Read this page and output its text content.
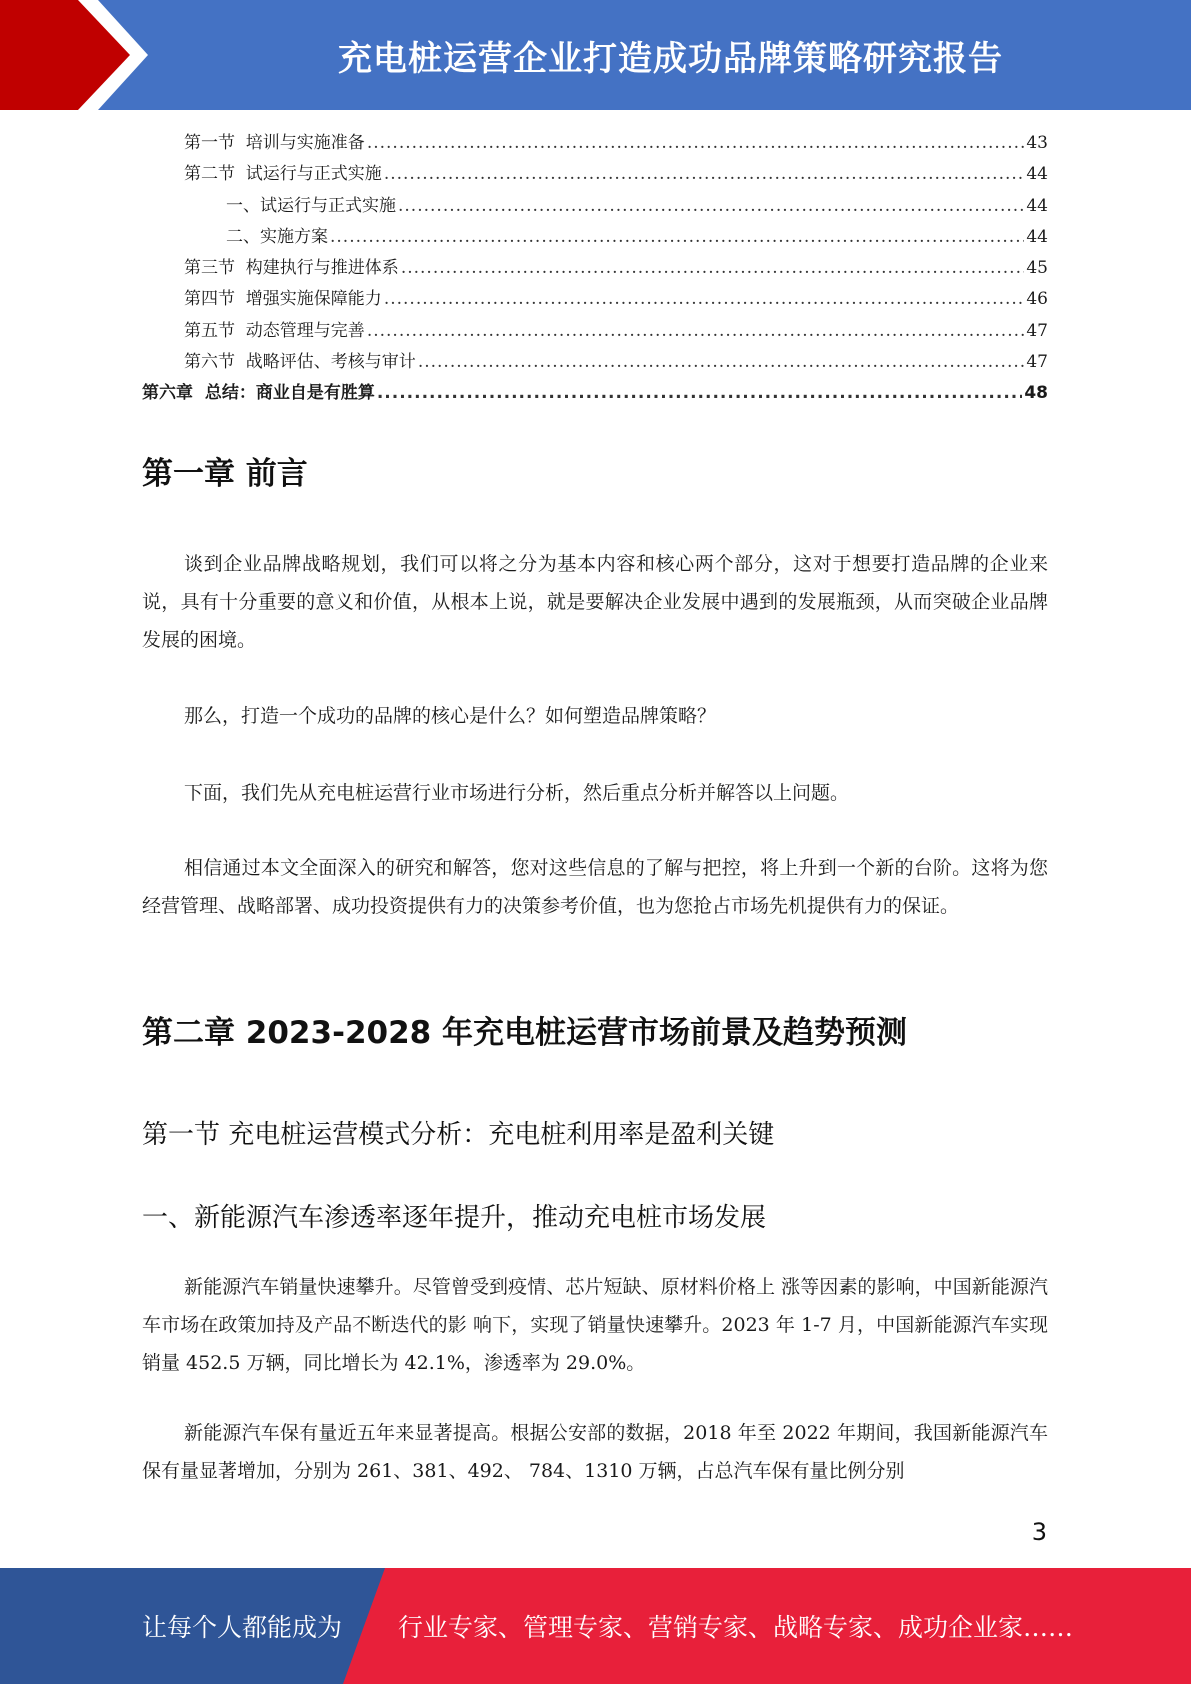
充电桩运营企业打造成功品牌策略研究报告
第一节  培训与实施准备 .....	43
第二节  试运行与正式实施 .....	44
一、试运行与正式实施 .....	44
二、实施方案 .....	44
第三节  构建执行与推进体系 .....	45
第四节  增强实施保障能力 .....	46
第五节  动态管理与完善 .....	47
第六节  战略评估、考核与审计 .....	47
第六章  总结：商业自是有胜算 .....	48
第一章 前言

谈到企业品牌战略规划，我们可以将之分为基本内容和核心两个部分，这对于想要打造品牌的企业来说，具有十分重要的意义和价值，从根本上说，就是要解决企业发展中遇到的发展瓶颈，从而突破企业品牌发展的困境。

那么，打造一个成功的品牌的核心是什么？如何塑造品牌策略？

下面，我们先从充电桩运营行业市场进行分析，然后重点分析并解答以上问题。

相信通过本文全面深入的研究和解答，您对这些信息的了解与把控，将上升到一个新的台阶。这将为您经营管理、战略部署、成功投资提供有力的决策参考价值，也为您抢占市场先机提供有力的保证。

第二章 2023-2028 年充电桩运营市场前景及趋势预测
第一节 充电桩运营模式分析：充电桩利用率是盈利关键
一、新能源汽车渗透率逐年提升，推动充电桩市场发展

新能源汽车销量快速攀升。尽管曾受到疫情、芯片短缺、原材料价格上 涨等因素的影响，中国新能源汽车市场在政策加持及产品不断迭代的影 响下，实现了销量快速攀升。2023 年 1-7 月，中国新能源汽车实现销量 452.5 万辆，同比增长为 42.1%，渗透率为 29.0%。

新能源汽车保有量近五年来显著提高。根据公安部的数据，2018 年至 2022 年期间，我国新能源汽车保有量显著增加，分别为 261、381、492、 784、1310 万辆，占总汽车保有量比例分别

3
让每个人都能成为 行业专家、管理专家、营销专家、战略专家、成功企业家……
